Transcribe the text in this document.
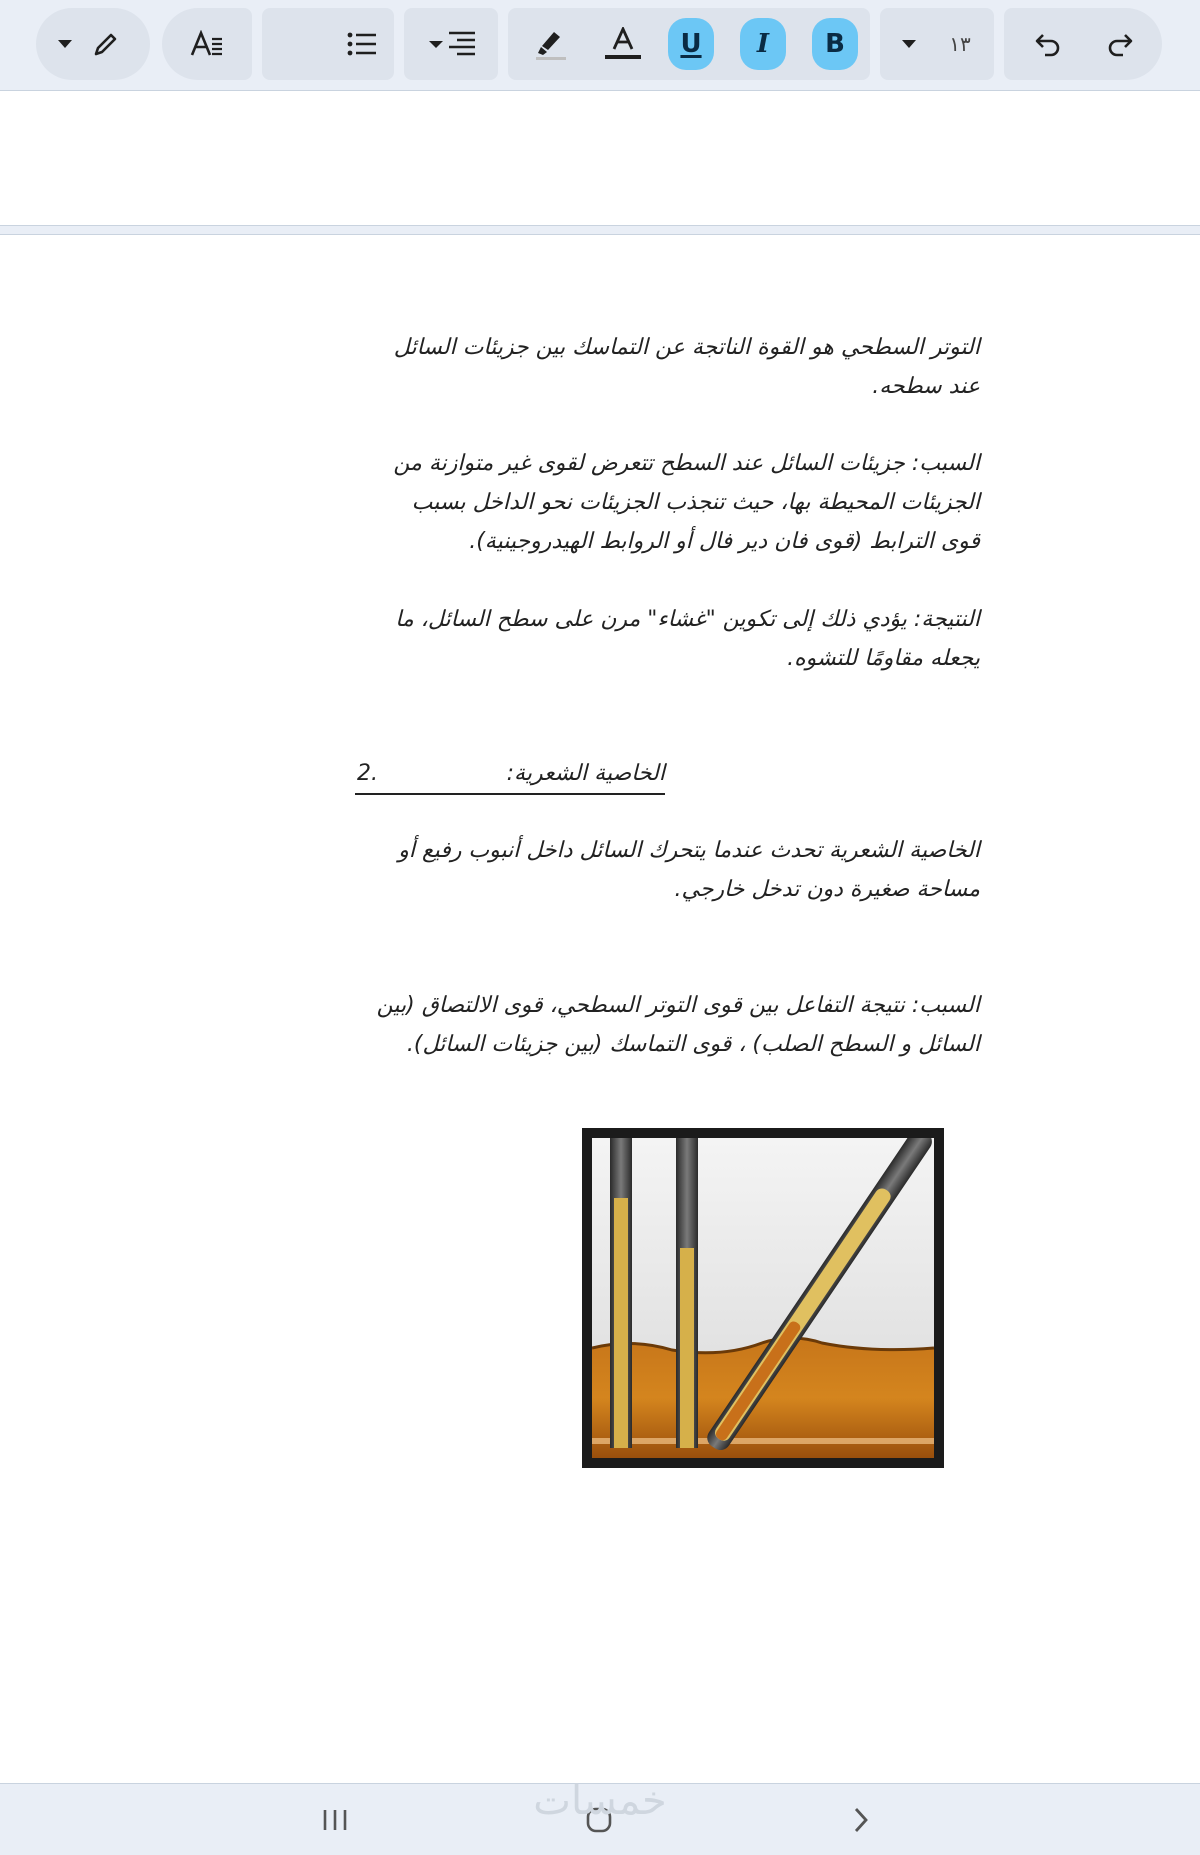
U I B	١٣
التوتر السطحي هو القوة الناتجة عن التماسك بين جزيئات السائل
عند سطحه.
السبب: جزيئات السائل عند السطح تتعرض لقوى غير متوازنة من
الجزيئات المحيطة بها، حيث تنجذب الجزيئات نحو الداخل بسبب
قوى الترابط (قوى فان دير فال أو الروابط الهيدروجينية).
النتيجة: يؤدي ذلك إلى تكوين "غشاء" مرن على سطح السائل، ما
يجعله مقاومًا للتشوه.
2.	الخاصية الشعرية:
الخاصية الشعرية تحدث عندما يتحرك السائل داخل أنبوب رفيع أو
مساحة صغيرة دون تدخل خارجي.
السبب: نتيجة التفاعل بين قوى التوتر السطحي، قوى الالتصاق (بين
السائل و السطح الصلب) ، قوى التماسك (بين جزيئات السائل).
خمسات
